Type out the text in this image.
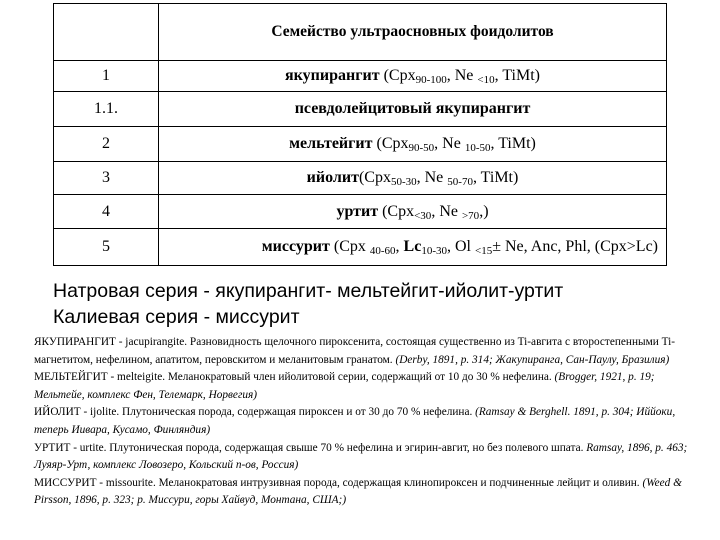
	Семейство ультраосновных фоидолитов
1	якупирангит (Cpx$_{90-100}$, Ne $_{<10}$, TiMt)
1.1.	псевдолейцитовый якупирангит
2	мельтейгит (Cpx$_{90-50}$, Ne $_{10-50}$, TiMt)
3	ийолит(Cpx$_{50-30}$, Ne $_{50-70}$, TiMt)
4	уртит (Cpx$_{<30}$, Ne $_{>70}$,)
5	миссурит (Cpx $_{40-60}$, $Lc_{10-30}$, Ol $_{<15}$± Ne, Anc, Phl, (Cpx>Lc)
Натровая серия - якупирангит- мельтейгит-ийолит-уртит
Калиевая серия - миссурит

ЯКУПИРАНГИТ - jacupirangite. Разновидность щелочного пироксенита, состоящая существенно из Ti-авгита с второстепенными Ti-магнетитом, нефелином, апатитом, перовскитом и меланитовым гранатом. (Derby, 1891, p. 314; Жакупиранга, Сан-Паулу, Бразилия)

МЕЛЬТЕЙГИТ - melteigite. Меланократовый член ийолитовой серии, содержащий от 10 до 30 % нефелина. (Brogger, 1921, p. 19; Мельтейе, комплекс Фен, Телемарк, Норвегия)

ИЙОЛИТ - ijolite. Плутоническая порода, содержащая пироксен и от 30 до 70 % нефелина. (Ramsay & Berghell. 1891, p. 304; Иййоки, теперь Иивара, Кусамо, Финляндия)

УРТИТ - urtite. Плутоническая порода, содержащая свыше 70 % нефелина и эгирин-авгит, но без полевого шпата. Ramsay, 1896, p. 463; Луяяр-Урт, комплекс Ловозеро, Кольский п-ов, Россия)

МИССУРИТ - missourite. Меланократовая интрузивная порода, содержащая клинопироксен и подчиненные лейцит и оливин. (Weed & Pirsson, 1896, p. 323; р. Миссури, горы Хайвуд, Монтана, США;)
